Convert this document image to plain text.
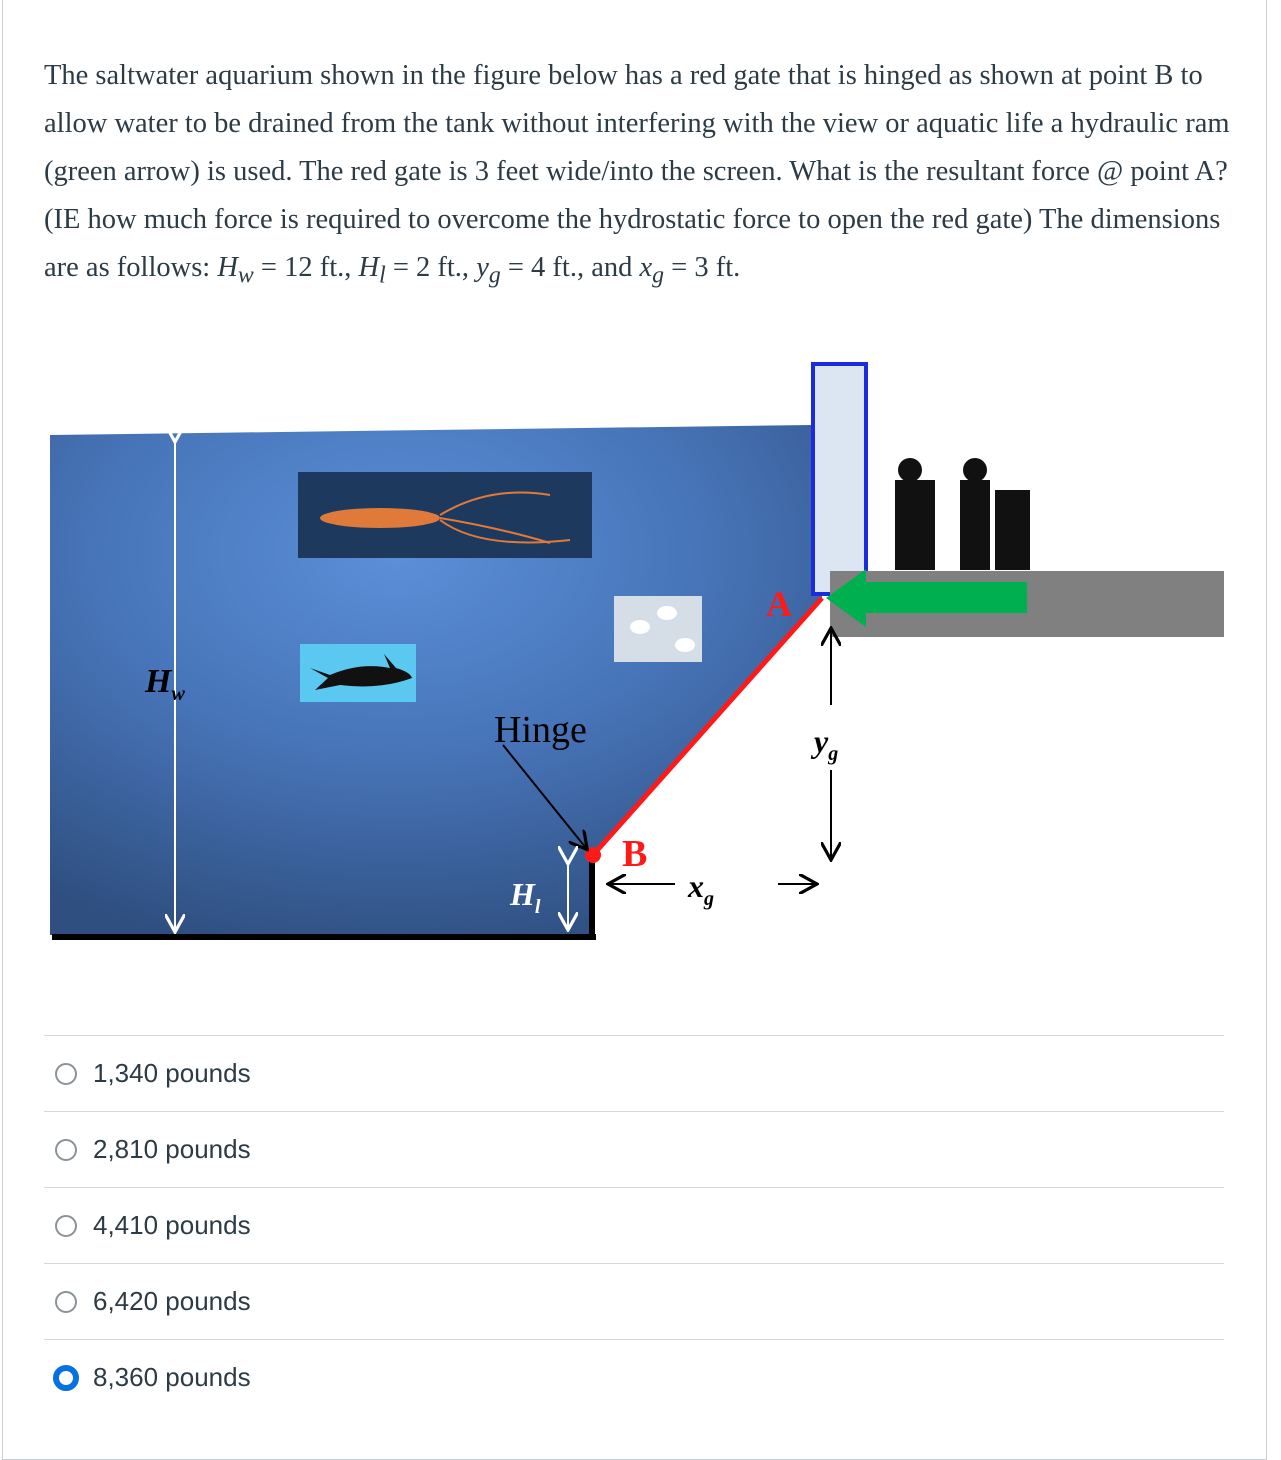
The saltwater aquarium shown in the figure below has a red gate that is hinged as shown at point B to allow water to be drained from the tank without interfering with the view or aquatic life a hydraulic ram (green arrow) is used. The red gate is 3 feet wide/into the screen. What is the resultant force @ point A? (IE how much force is required to overcome the hydrostatic force to open the red gate) The dimensions are as follows: $H_w = 12$ ft., $H_l = 2$ ft., $y_g = 4$ ft., and $x_g = 3$ ft.
$H_w$
A
B
Hinge
$H_l$
$x_g$
$y_g$
1,340 pounds
2,810 pounds
4,410 pounds
6,420 pounds
8,360 pounds
